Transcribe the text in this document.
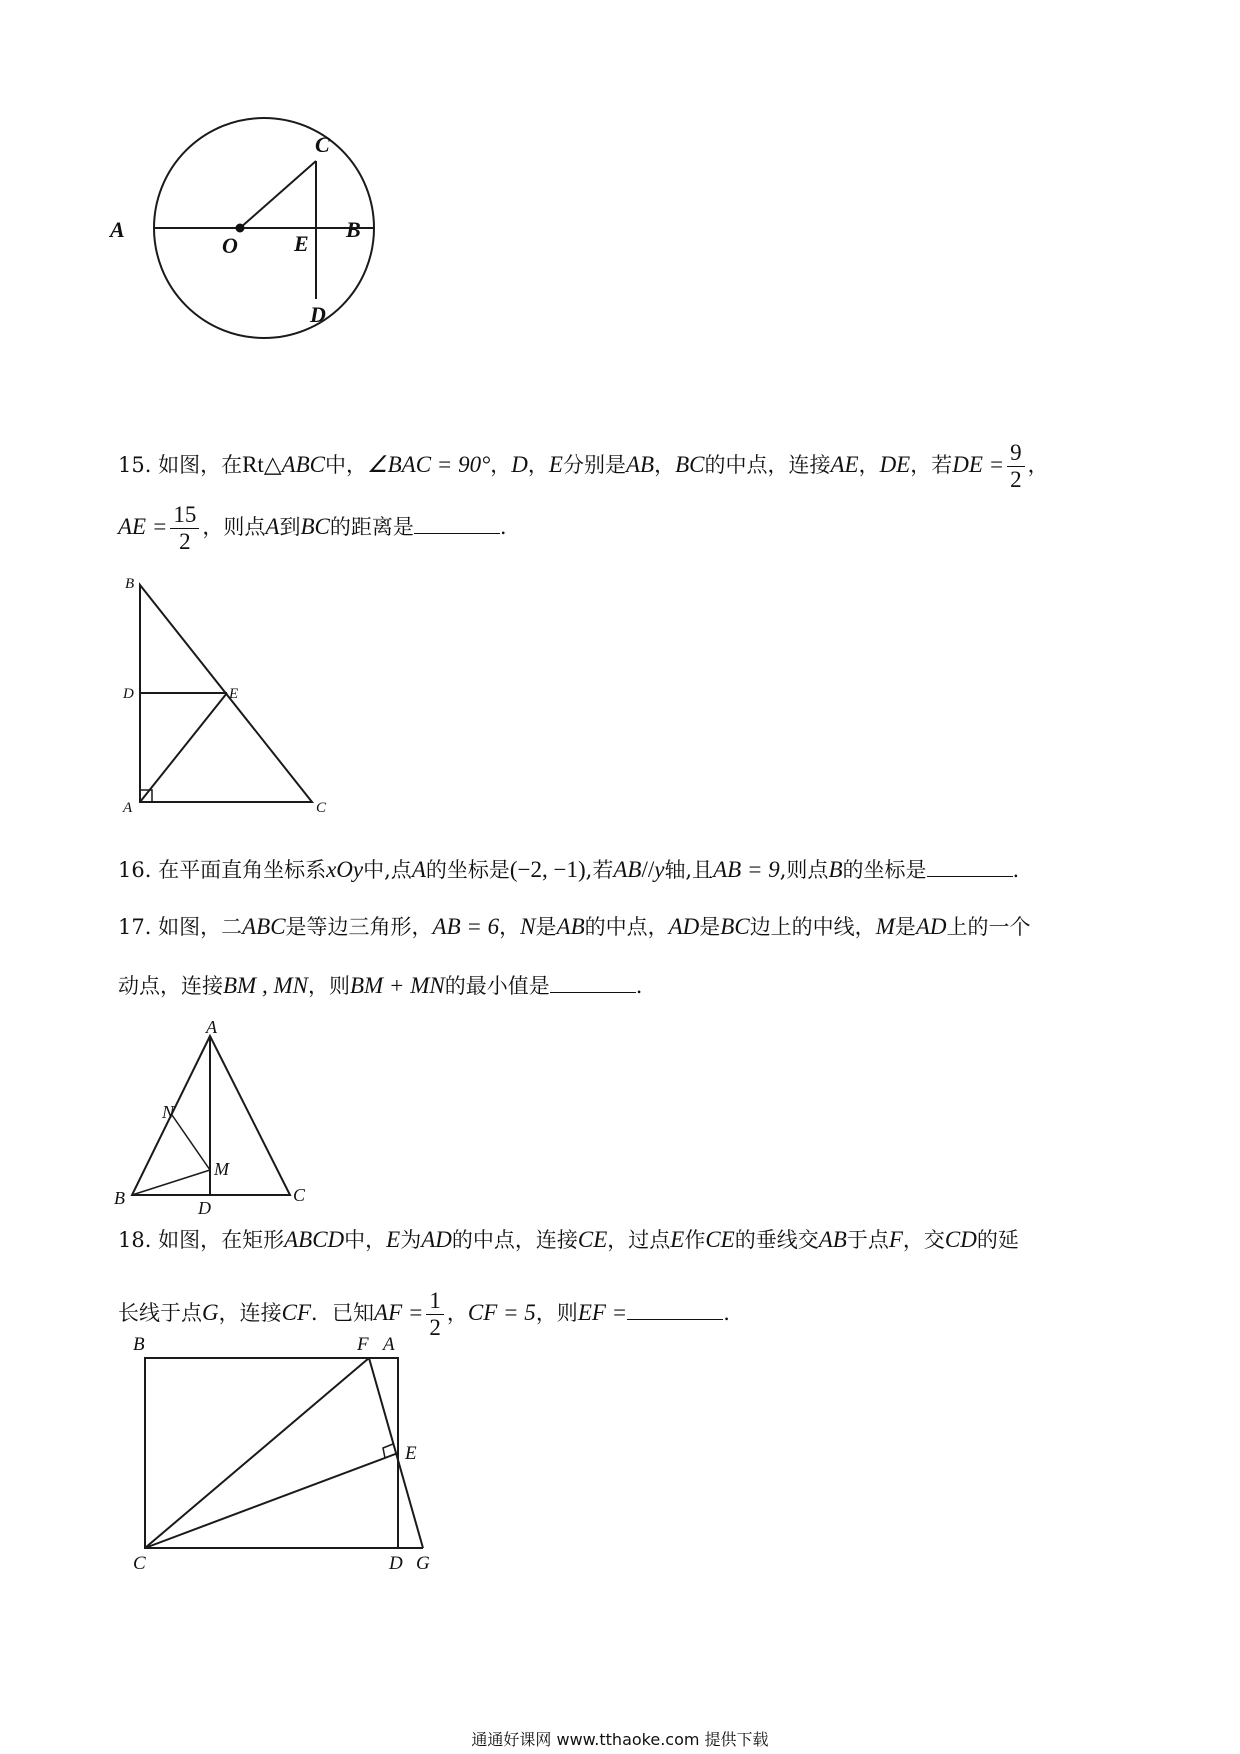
A
O	E
B
C
D
15. 如图，在Rt△ABC中，∠BAC = 90°，D，E分别是AB，BC的中点，连接AE，DE，若DE = $\frac{9}{2}$ ，
AE = $\frac{15}{2}$ ，则点A到BC的距离是	.
B
D	E
A	C
16. 在平面直角坐标系xOy中,点A的坐标是(−2, −1),若AB//y轴,且AB = 9,则点B的坐标是	.
17. 如图，⼆ABC是等边三角形，AB = 6，N是AB的中点，AD是BC边上的中线，M是AD上的一个
动点，连接BM , MN，则BM + MN的最小值是	.
A
N
M
B	D
C
18. 如图，在矩形ABCD中，E为AD的中点，连接CE，过点E作CE的垂线交AB于点F，交CD的延
长线于点G，连接CF．已知AF = $\frac{1}{2}$ ，CF = 5，则EF =	.
B	F A
E
C	D G
通通好课网 www.tthaoke.com 提供下载
